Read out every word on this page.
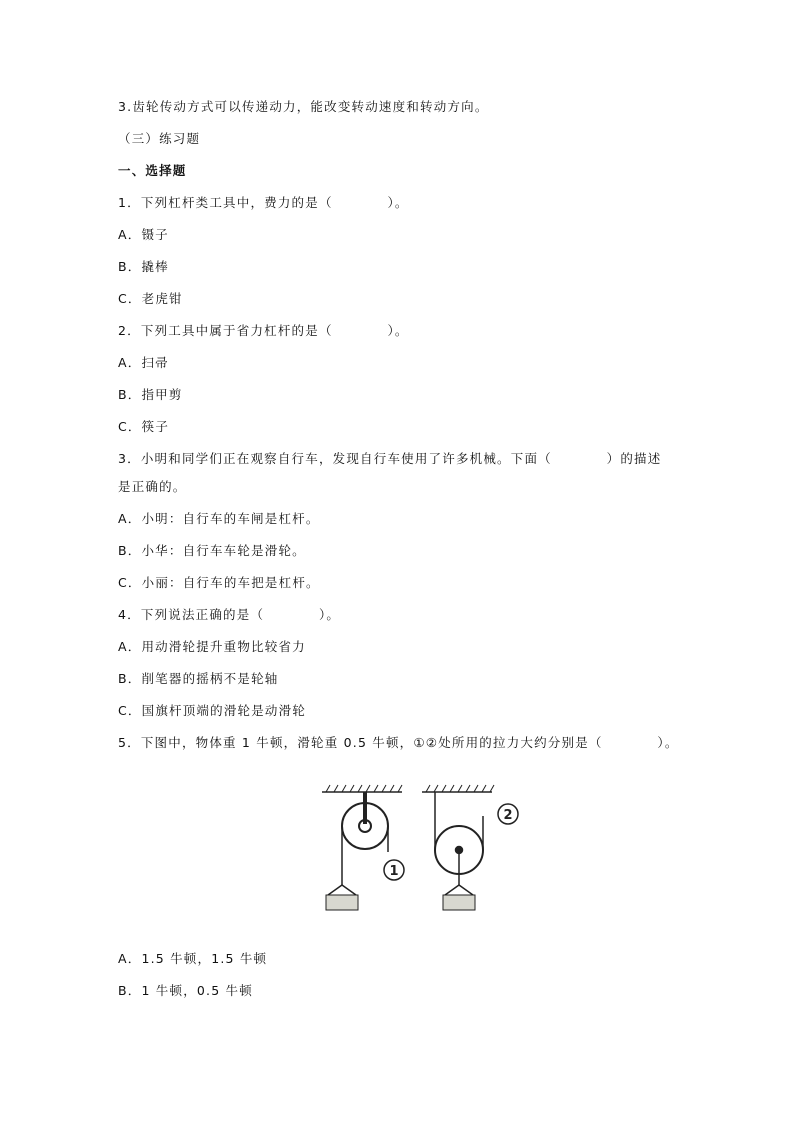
3.齿轮传动方式可以传递动力，能改变转动速度和转动方向。
（三）练习题
一、选择题
1．下列杠杆类工具中，费力的是（　　　　）。
A．镊子
B．撬棒
C．老虎钳
2．下列工具中属于省力杠杆的是（　　　　）。
A．扫帚
B．指甲剪
C．筷子
3．小明和同学们正在观察自行车，发现自行车使用了许多机械。下面（　　　　）的描述
是正确的。
A．小明：自行车的车闸是杠杆。
B．小华：自行车车轮是滑轮。
C．小丽：自行车的车把是杠杆。
4．下列说法正确的是（　　　　）。
A．用动滑轮提升重物比较省力
B．削笔器的摇柄不是轮轴
C．国旗杆顶端的滑轮是动滑轮
5．下图中，物体重 1 牛顿，滑轮重 0.5 牛顿，①②处所用的拉力大约分别是（　　　　）。
1
2
A．1.5 牛顿，1.5 牛顿
B．1 牛顿，0.5 牛顿
